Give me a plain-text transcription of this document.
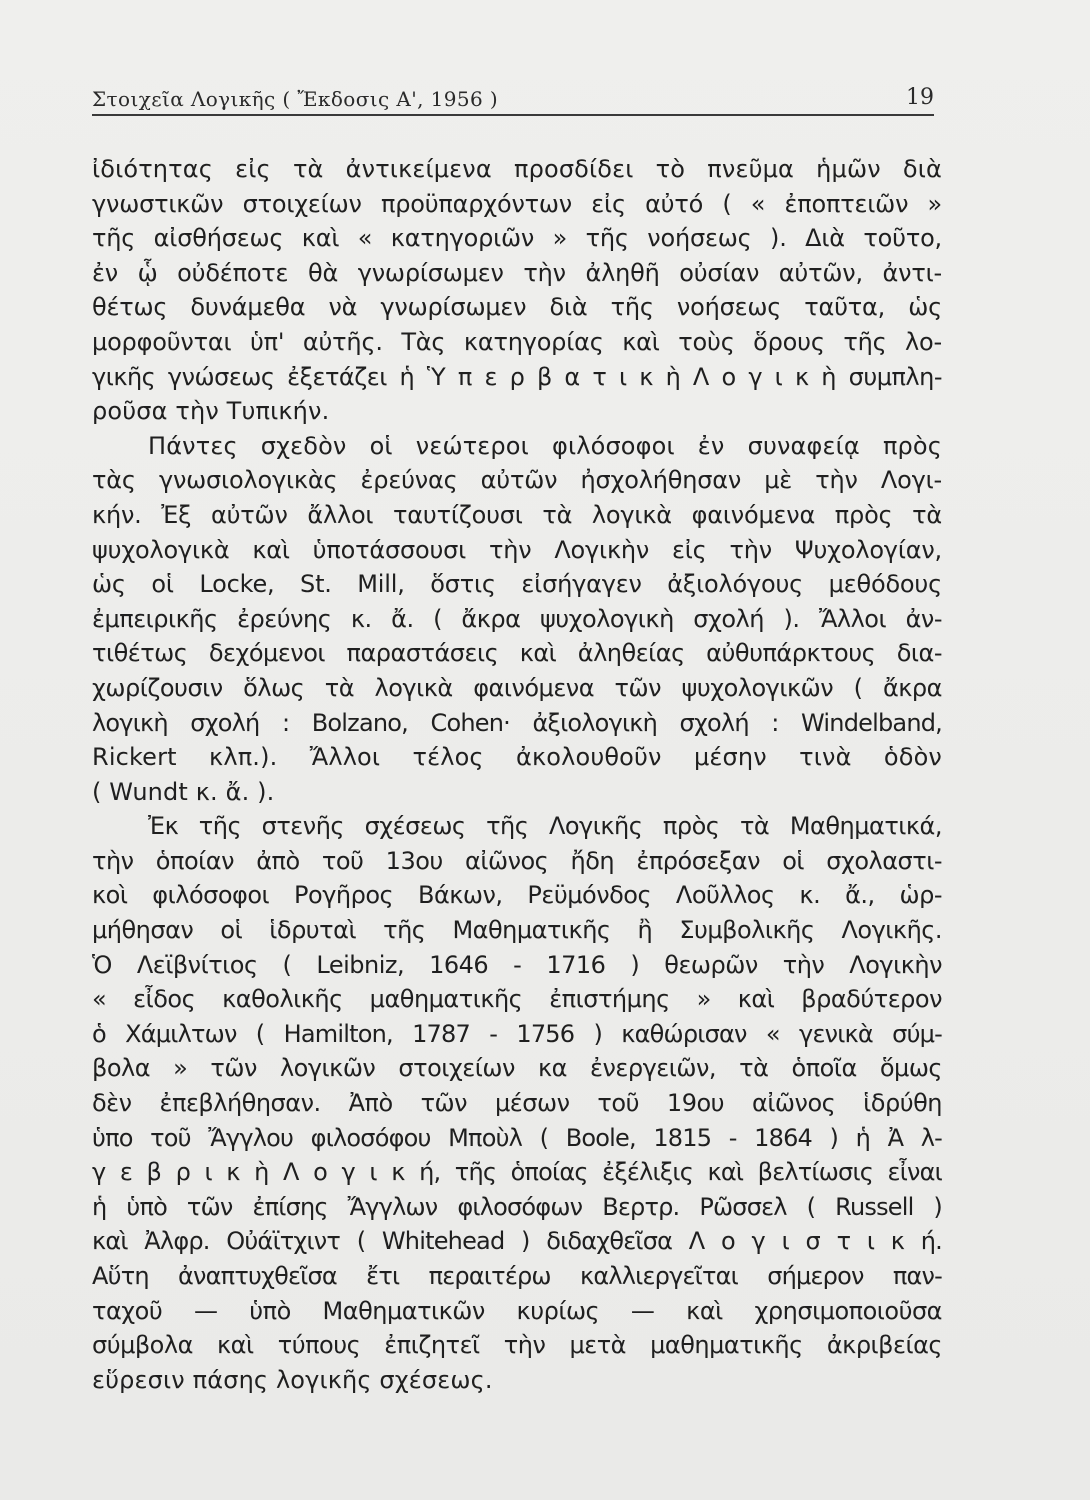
Στοιχεῖα Λογικῆς ( Ἔκδοσις Α', 1956 )	19
ἰδιότητας εἰς τὰ ἀντικείμενα προσδίδει τὸ πνεῦμα ἡμῶν διὰ
γνωστικῶν στοιχείων προϋπαρχόντων εἰς αὐτό ( « ἐποπτειῶν »
τῆς αἰσθήσεως καὶ « κατηγοριῶν » τῆς νοήσεως ). Διὰ τοῦτο,
ἐν ᾧ οὐδέποτε θὰ γνωρίσωμεν τὴν ἀληθῆ οὐσίαν αὐτῶν, ἀντι-
θέτως δυνάμεθα νὰ γνωρίσωμεν διὰ τῆς νοήσεως ταῦτα, ὡς
μορφοῦνται ὑπ' αὐτῆς. Τὰς κατηγορίας καὶ τοὺς ὅρους τῆς λο-
γικῆς γνώσεως ἐξετάζει ἡ Ὑ π ε ρ β α τ ι κ ὴ Λ ο γ ι κ ὴ συμπλη-
ροῦσα τὴν Τυπικήν.
Πάντες σχεδὸν οἱ νεώτεροι φιλόσοφοι ἐν συναφείᾳ πρὸς
τὰς γνωσιολογικὰς ἐρεύνας αὐτῶν ἠσχολήθησαν μὲ τὴν Λογι-
κήν. Ἐξ αὐτῶν ἄλλοι ταυτίζουσι τὰ λογικὰ φαινόμενα πρὸς τὰ
ψυχολογικὰ καὶ ὑποτάσσουσι τὴν Λογικὴν εἰς τὴν Ψυχολογίαν,
ὡς οἱ Locke, St. Mill, ὅστις εἰσήγαγεν ἀξιολόγους μεθόδους
ἐμπειρικῆς ἐρεύνης κ. ἄ. ( ἄκρα ψυχολογικὴ σχολή ). Ἄλλοι ἀν-
τιθέτως δεχόμενοι παραστάσεις καὶ ἀληθείας αὐθυπάρκτους δια-
χωρίζουσιν ὅλως τὰ λογικὰ φαινόμενα τῶν ψυχολογικῶν ( ἄκρα
λογικὴ σχολή : Bolzano, Cohen· ἀξιολογικὴ σχολή : Windelband,
Rickert κλπ.). Ἄλλοι τέλος ἀκολουθοῦν μέσην τινὰ ὁδὸν
( Wundt κ. ἄ. ).
Ἐκ τῆς στενῆς σχέσεως τῆς Λογικῆς πρὸς τὰ Μαθηματικά,
τὴν ὁποίαν ἀπὸ τοῦ 13ου αἰῶνος ἤδη ἐπρόσεξαν οἱ σχολαστι-
κοὶ φιλόσοφοι Ρογῆρος Βάκων, Ρεϋμόνδος Λοῦλλος κ. ἄ., ὡρ-
μήθησαν οἱ ἱδρυταὶ τῆς Μαθηματικῆς ἢ Συμβολικῆς Λογικῆς.
Ὁ Λεϊβνίτιος ( Leibniz, 1646 - 1716 ) θεωρῶν τὴν Λογικὴν
« εἶδος καθολικῆς μαθηματικῆς ἐπιστήμης » καὶ βραδύτερον
ὁ Χάμιλτων ( Hamilton, 1787 - 1756 ) καθώρισαν « γενικὰ σύμ-
βολα » τῶν λογικῶν στοιχείων κα ἐνεργειῶν, τὰ ὁποῖα ὅμως
δὲν ἐπεβλήθησαν. Ἀπὸ τῶν μέσων τοῦ 19ου αἰῶνος ἱδρύθη
ὑπο τοῦ Ἄγγλου φιλοσόφου Μποὺλ ( Boole, 1815 - 1864 ) ἡ Ἀ λ-
γ ε β ρ ι κ ὴ Λ ο γ ι κ ή, τῆς ὁποίας ἐξέλιξις καὶ βελτίωσις εἶναι
ἡ ὑπὸ τῶν ἐπίσης Ἄγγλων φιλοσόφων Βερτρ. Ρῶσσελ ( Russell )
καὶ Ἀλφρ. Οὐάϊτχιντ ( Whitehead ) διδαχθεῖσα Λ ο γ ι σ τ ι κ ή.
Αὕτη ἀναπτυχθεῖσα ἔτι περαιτέρω καλλιεργεῖται σήμερον παν-
ταχοῦ — ὑπὸ Μαθηματικῶν κυρίως — καὶ χρησιμοποιοῦσα
σύμβολα καὶ τύπους ἐπιζητεῖ τὴν μετὰ μαθηματικῆς ἀκριβείας
εὕρεσιν πάσης λογικῆς σχέσεως.
